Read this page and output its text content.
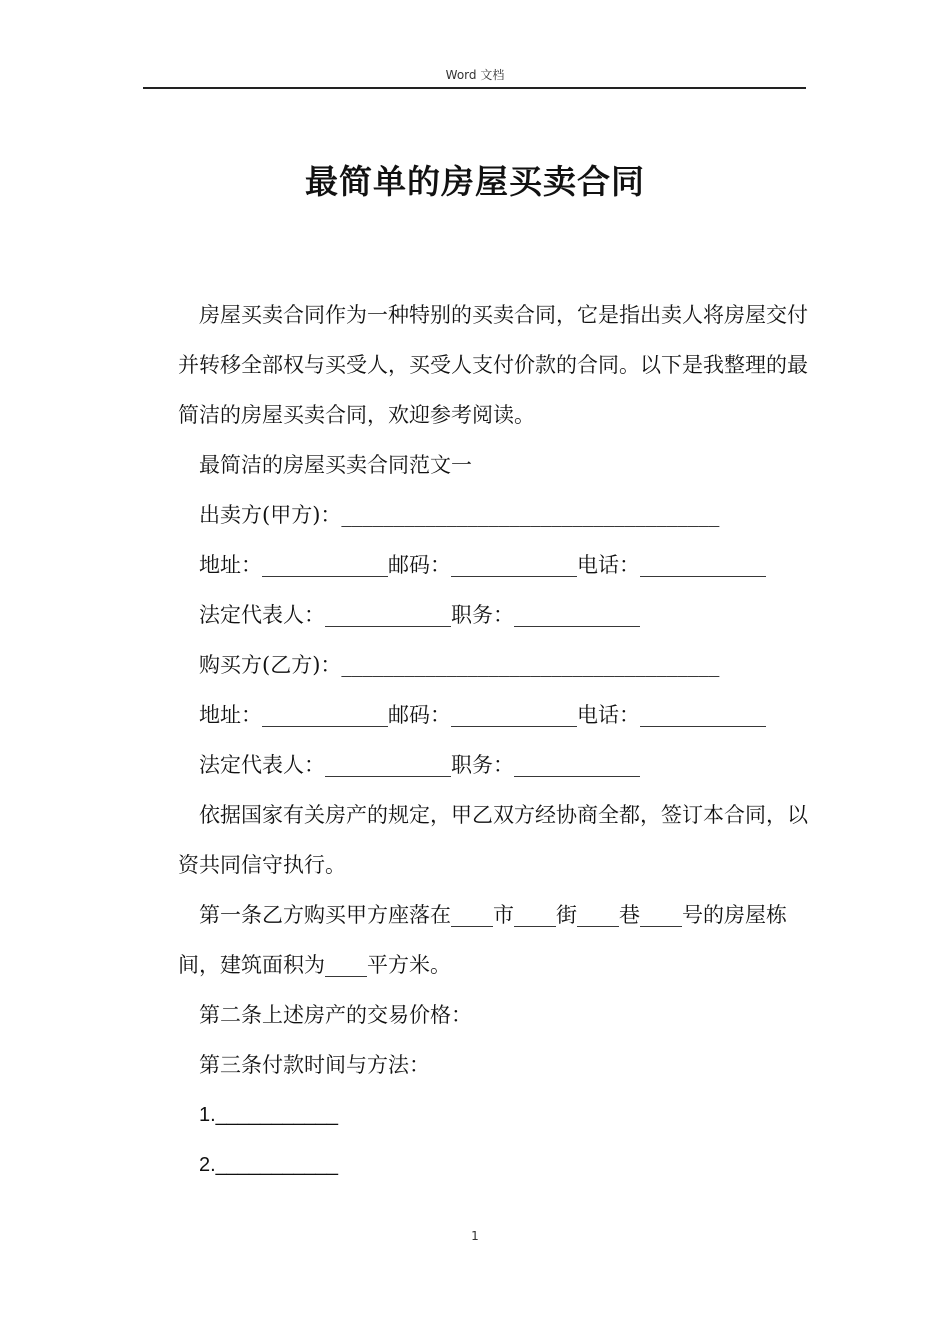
Word 文档
最简单的房屋买卖合同

房屋买卖合同作为一种特别的买卖合同，它是指出卖人将房屋交付并转移全部权与买受人，买受人支付价款的合同。以下是我整理的最简洁的房屋买卖合同，欢迎参考阅读。

最简洁的房屋买卖合同范文一

出卖方(甲方)：____________________________________

地址：____________邮码：____________电话：____________

法定代表人：____________职务：____________

购买方(乙方)：____________________________________

地址：____________邮码：____________电话：____________

法定代表人：____________职务：____________

依据国家有关房产的规定，甲乙双方经协商全都，签订本合同，以资共同信守执行。

第一条乙方购买甲方座落在____市____街____巷____号的房屋栋间，建筑面积为____平方米。

第二条上述房产的交易价格：

第三条付款时间与方法：

1.___________

2.___________

1
